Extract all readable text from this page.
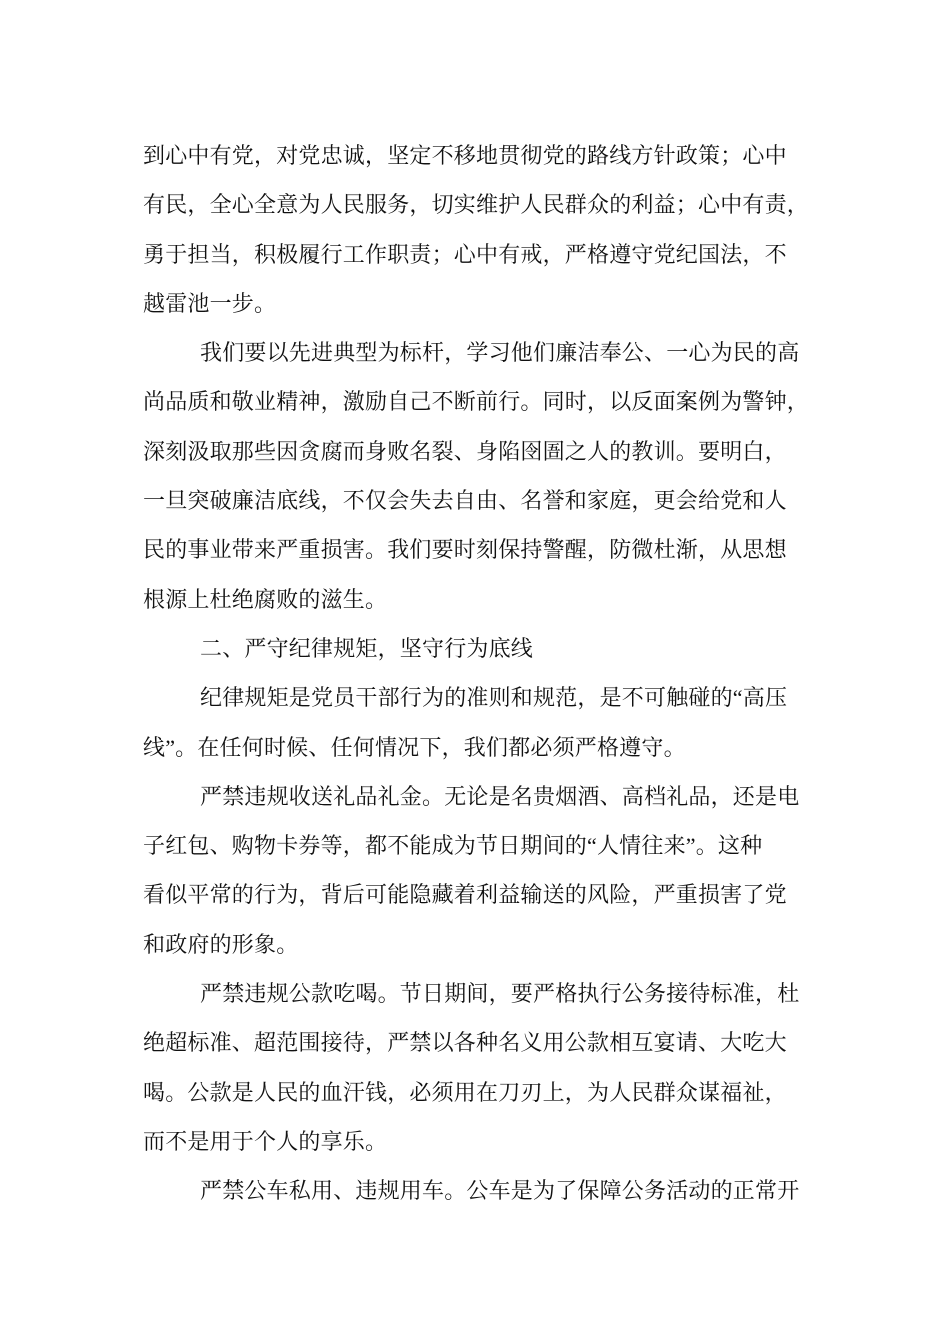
到心中有党，对党忠诚，坚定不移地贯彻党的路线方针政策；心中
有民，全心全意为人民服务，切实维护人民群众的利益；心中有责，
勇于担当，积极履行工作职责；心中有戒，严格遵守党纪国法，不
越雷池一步。
我们要以先进典型为标杆，学习他们廉洁奉公、一心为民的高
尚品质和敬业精神，激励自己不断前行。同时，以反面案例为警钟，
深刻汲取那些因贪腐而身败名裂、身陷囹圄之人的教训。要明白，
一旦突破廉洁底线，不仅会失去自由、名誉和家庭，更会给党和人
民的事业带来严重损害。我们要时刻保持警醒，防微杜渐，从思想
根源上杜绝腐败的滋生。
二、严守纪律规矩，坚守行为底线
纪律规矩是党员干部行为的准则和规范，是不可触碰的“高压
线”。在任何时候、任何情况下，我们都必须严格遵守。
严禁违规收送礼品礼金。无论是名贵烟酒、高档礼品，还是电
子红包、购物卡券等，都不能成为节日期间的“人情往来”。这种
看似平常的行为，背后可能隐藏着利益输送的风险，严重损害了党
和政府的形象。
严禁违规公款吃喝。节日期间，要严格执行公务接待标准，杜
绝超标准、超范围接待，严禁以各种名义用公款相互宴请、大吃大
喝。公款是人民的血汗钱，必须用在刀刃上，为人民群众谋福祉，
而不是用于个人的享乐。
严禁公车私用、违规用车。公车是为了保障公务活动的正常开
